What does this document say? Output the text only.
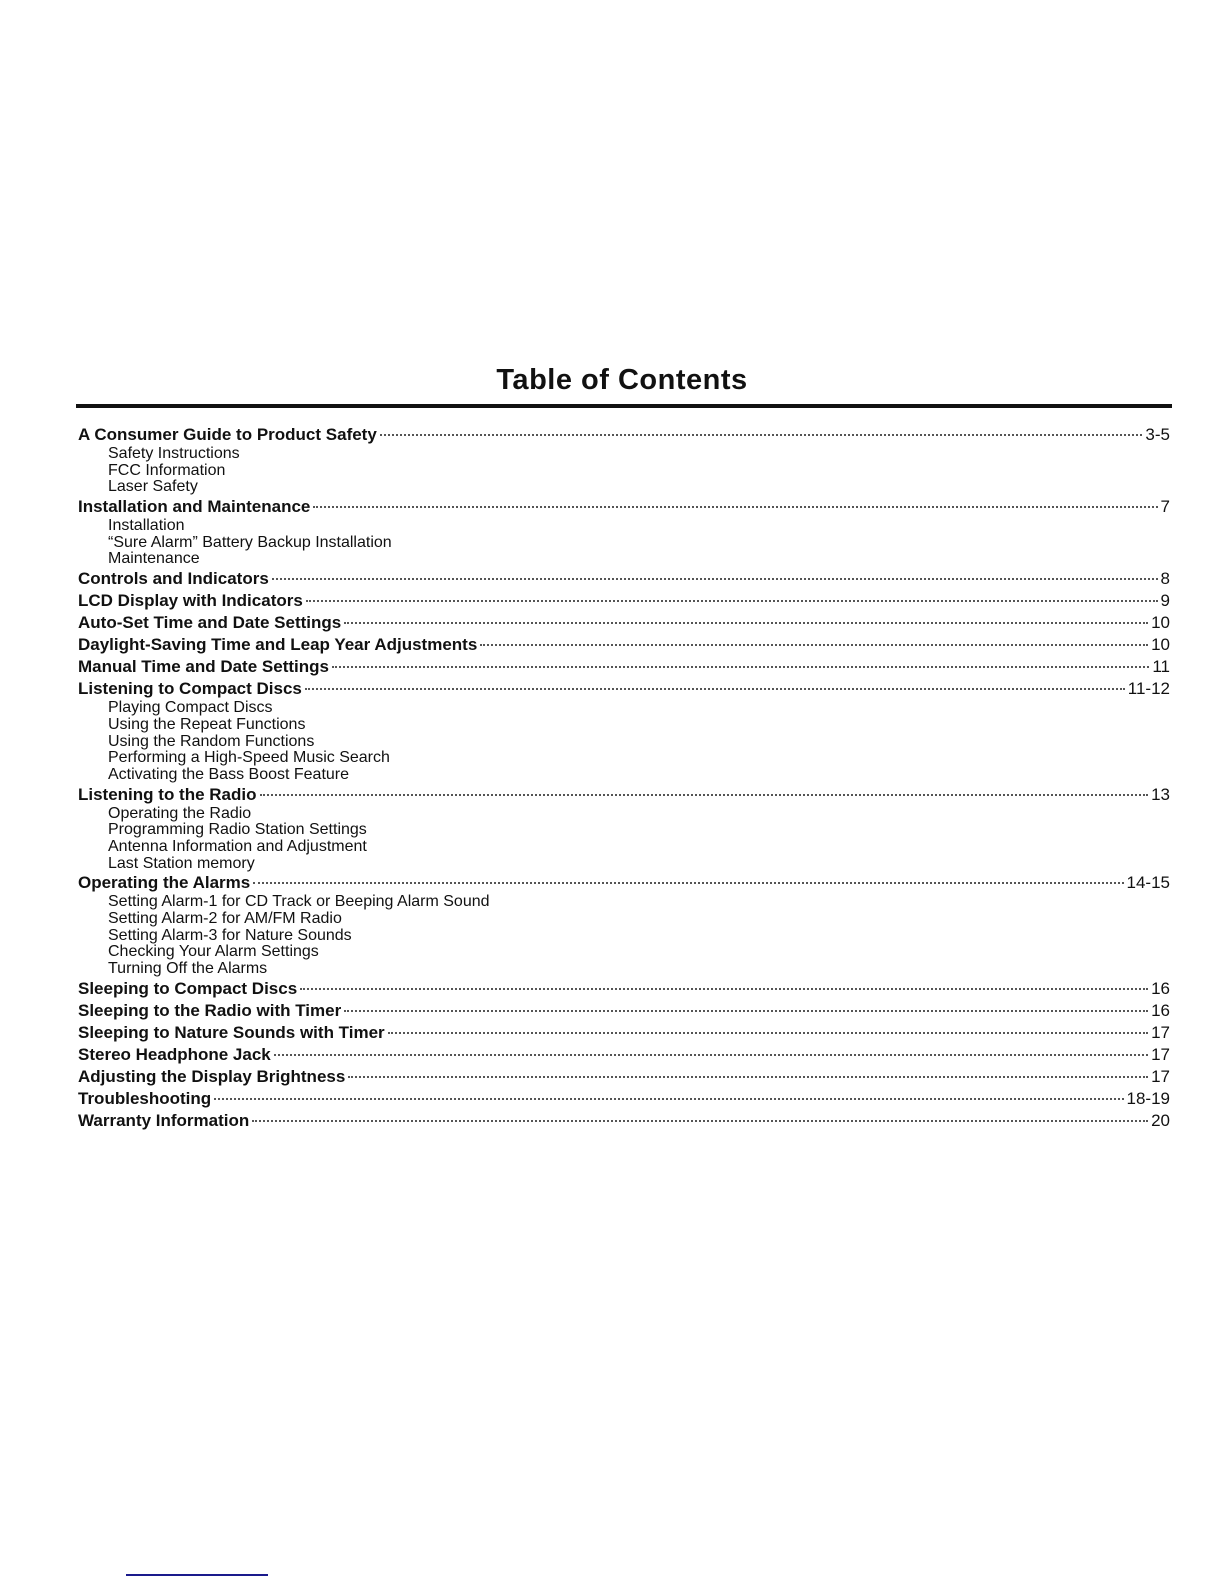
Table of Contents
A Consumer Guide to Product Safety	3-5
Safety Instructions
FCC Information
Laser Safety
Installation and Maintenance	7
Installation
“Sure Alarm” Battery Backup Installation
Maintenance
Controls and Indicators	8
LCD Display with Indicators	9
Auto-Set Time and Date Settings	10
Daylight-Saving Time and Leap Year Adjustments	10
Manual Time and Date Settings	11
Listening to Compact Discs	11-12
Playing Compact Discs
Using the Repeat Functions
Using the Random Functions
Performing a High-Speed Music Search
Activating the Bass Boost Feature
Listening to the Radio	13
Operating the Radio
Programming Radio Station Settings
Antenna Information and Adjustment
Last Station memory
Operating the Alarms	14-15
Setting Alarm-1 for CD Track or Beeping Alarm Sound
Setting Alarm-2 for AM/FM Radio
Setting Alarm-3 for Nature Sounds
Checking Your Alarm Settings
Turning Off the Alarms
Sleeping to Compact Discs	16
Sleeping to the Radio with Timer	16
Sleeping to Nature Sounds with Timer	17
Stereo Headphone Jack	17
Adjusting the Display Brightness	17
Troubleshooting	18-19
Warranty Information	20
